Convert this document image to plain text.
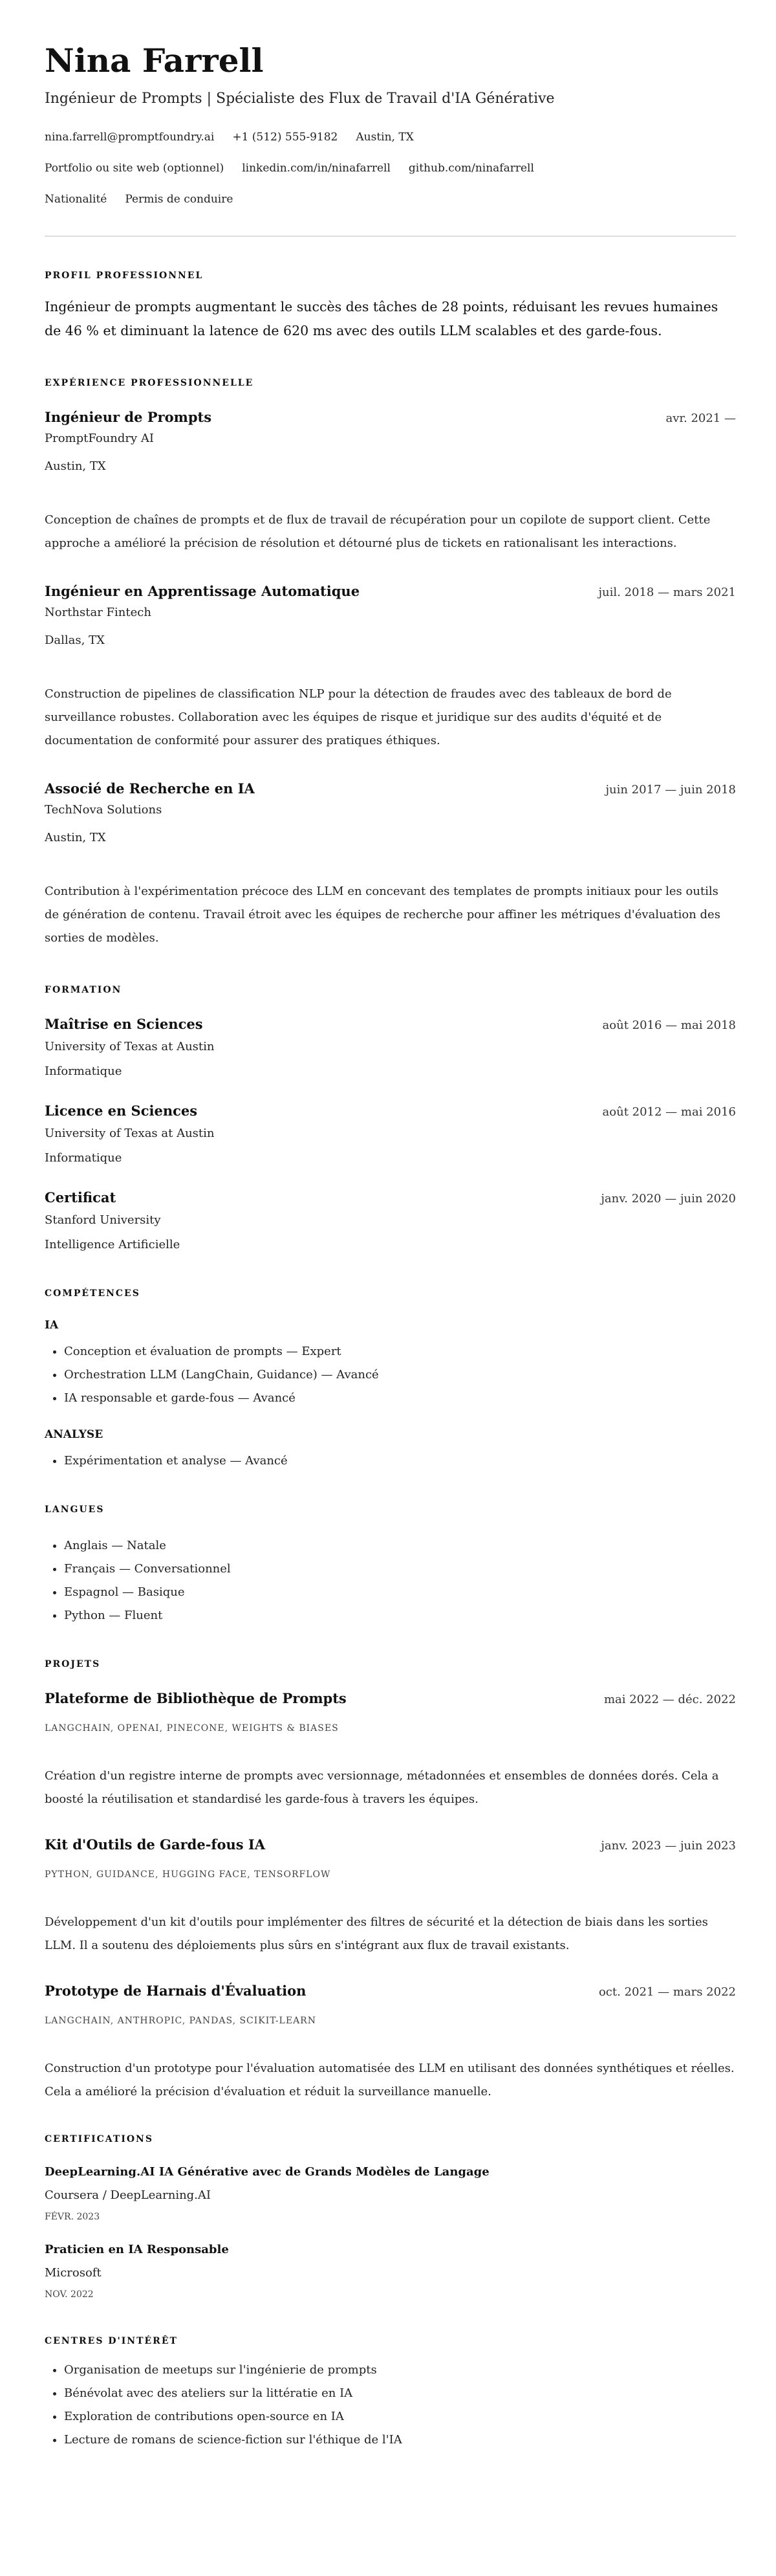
Nina Farrell
Ingénieur de Prompts | Spécialiste des Flux de Travail d'IA Générative
nina.farrell@promptfoundry.ai +1 (512) 555-9182 Austin, TX
Portfolio ou site web (optionnel) linkedin.com/in/ninafarrell github.com/ninafarrell
Nationalité Permis de conduire
PROFIL PROFESSIONNEL
Ingénieur de prompts augmentant le succès des tâches de 28 points, réduisant les revues humaines de 46 % et diminuant la latence de 620 ms avec des outils LLM scalables et des garde-fous.
EXPÉRIENCE PROFESSIONNELLE
Ingénieur de Prompts	avr. 2021 —
PromptFoundry AI
Austin, TX
Conception de chaînes de prompts et de flux de travail de récupération pour un copilote de support client. Cette approche a amélioré la précision de résolution et détourné plus de tickets en rationalisant les interactions.
Ingénieur en Apprentissage Automatique	juil. 2018 — mars 2021
Northstar Fintech
Dallas, TX
Construction de pipelines de classification NLP pour la détection de fraudes avec des tableaux de bord de surveillance robustes. Collaboration avec les équipes de risque et juridique sur des audits d'équité et de documentation de conformité pour assurer des pratiques éthiques.
Associé de Recherche en IA	juin 2017 — juin 2018
TechNova Solutions
Austin, TX
Contribution à l'expérimentation précoce des LLM en concevant des templates de prompts initiaux pour les outils de génération de contenu. Travail étroit avec les équipes de recherche pour affiner les métriques d'évaluation des sorties de modèles.
FORMATION
Maîtrise en Sciences	août 2016 — mai 2018
University of Texas at Austin
Informatique
Licence en Sciences	août 2012 — mai 2016
University of Texas at Austin
Informatique
Certificat	janv. 2020 — juin 2020
Stanford University
Intelligence Artificielle
COMPÉTENCES
IA
• Conception et évaluation de prompts — Expert
• Orchestration LLM (LangChain, Guidance) — Avancé
• IA responsable et garde-fous — Avancé
ANALYSE
• Expérimentation et analyse — Avancé
LANGUES
• Anglais — Natale
• Français — Conversationnel
• Espagnol — Basique
• Python — Fluent
PROJETS
Plateforme de Bibliothèque de Prompts	mai 2022 — déc. 2022
LANGCHAIN, OPENAI, PINECONE, WEIGHTS & BIASES
Création d'un registre interne de prompts avec versionnage, métadonnées et ensembles de données dorés. Cela a boosté la réutilisation et standardisé les garde-fous à travers les équipes.
Kit d'Outils de Garde-fous IA	janv. 2023 — juin 2023
PYTHON, GUIDANCE, HUGGING FACE, TENSORFLOW
Développement d'un kit d'outils pour implémenter des filtres de sécurité et la détection de biais dans les sorties LLM. Il a soutenu des déploiements plus sûrs en s'intégrant aux flux de travail existants.
Prototype de Harnais d'Évaluation	oct. 2021 — mars 2022
LANGCHAIN, ANTHROPIC, PANDAS, SCIKIT-LEARN
Construction d'un prototype pour l'évaluation automatisée des LLM en utilisant des données synthétiques et réelles. Cela a amélioré la précision d'évaluation et réduit la surveillance manuelle.
CERTIFICATIONS
DeepLearning.AI IA Générative avec de Grands Modèles de Langage
Coursera / DeepLearning.AI
FÉVR. 2023
Praticien en IA Responsable
Microsoft
NOV. 2022
CENTRES D'INTÉRÊT
• Organisation de meetups sur l'ingénierie de prompts
• Bénévolat avec des ateliers sur la littératie en IA
• Exploration de contributions open-source en IA
• Lecture de romans de science-fiction sur l'éthique de l'IA
